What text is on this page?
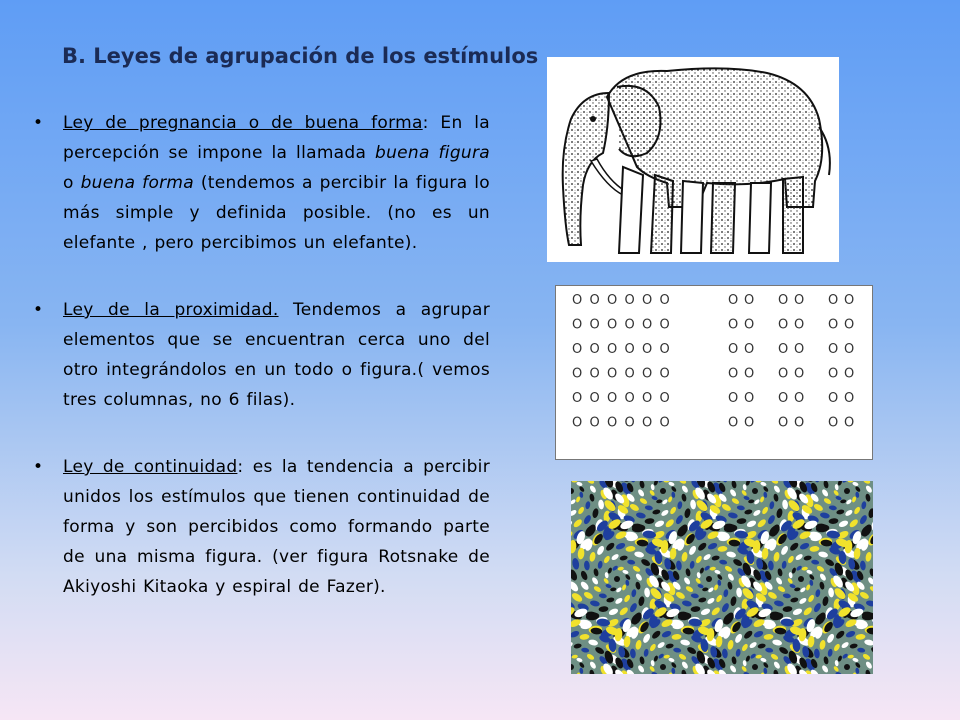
B. Leyes de agrupación de los estímulos
• Ley de pregnancia o de buena forma: En la percepción se impone la llamada buena figura o buena forma (tendemos a percibir la figura lo más simple y definida posible. (no es un elefante , pero percibimos un elefante).
• Ley de la proximidad. Tendemos a agrupar elementos que se encuentran cerca uno del otro integrándolos en un todo o figura.( vemos tres columnas, no 6 filas).
• Ley de continuidad: es la tendencia a percibir unidos los estímulos que tienen continuidad de forma y son percibidos como formando parte de una misma figura. (ver figura Rotsnake de Akiyoshi Kitaoka y espiral de Fazer).
O O O O O O	O O O O O O
O O O O O O	O O O O O O
O O O O O O	O O O O O O
O O O O O O	O O O O O O
O O O O O O	O O O O O O
O O O O O O	O O O O O O
